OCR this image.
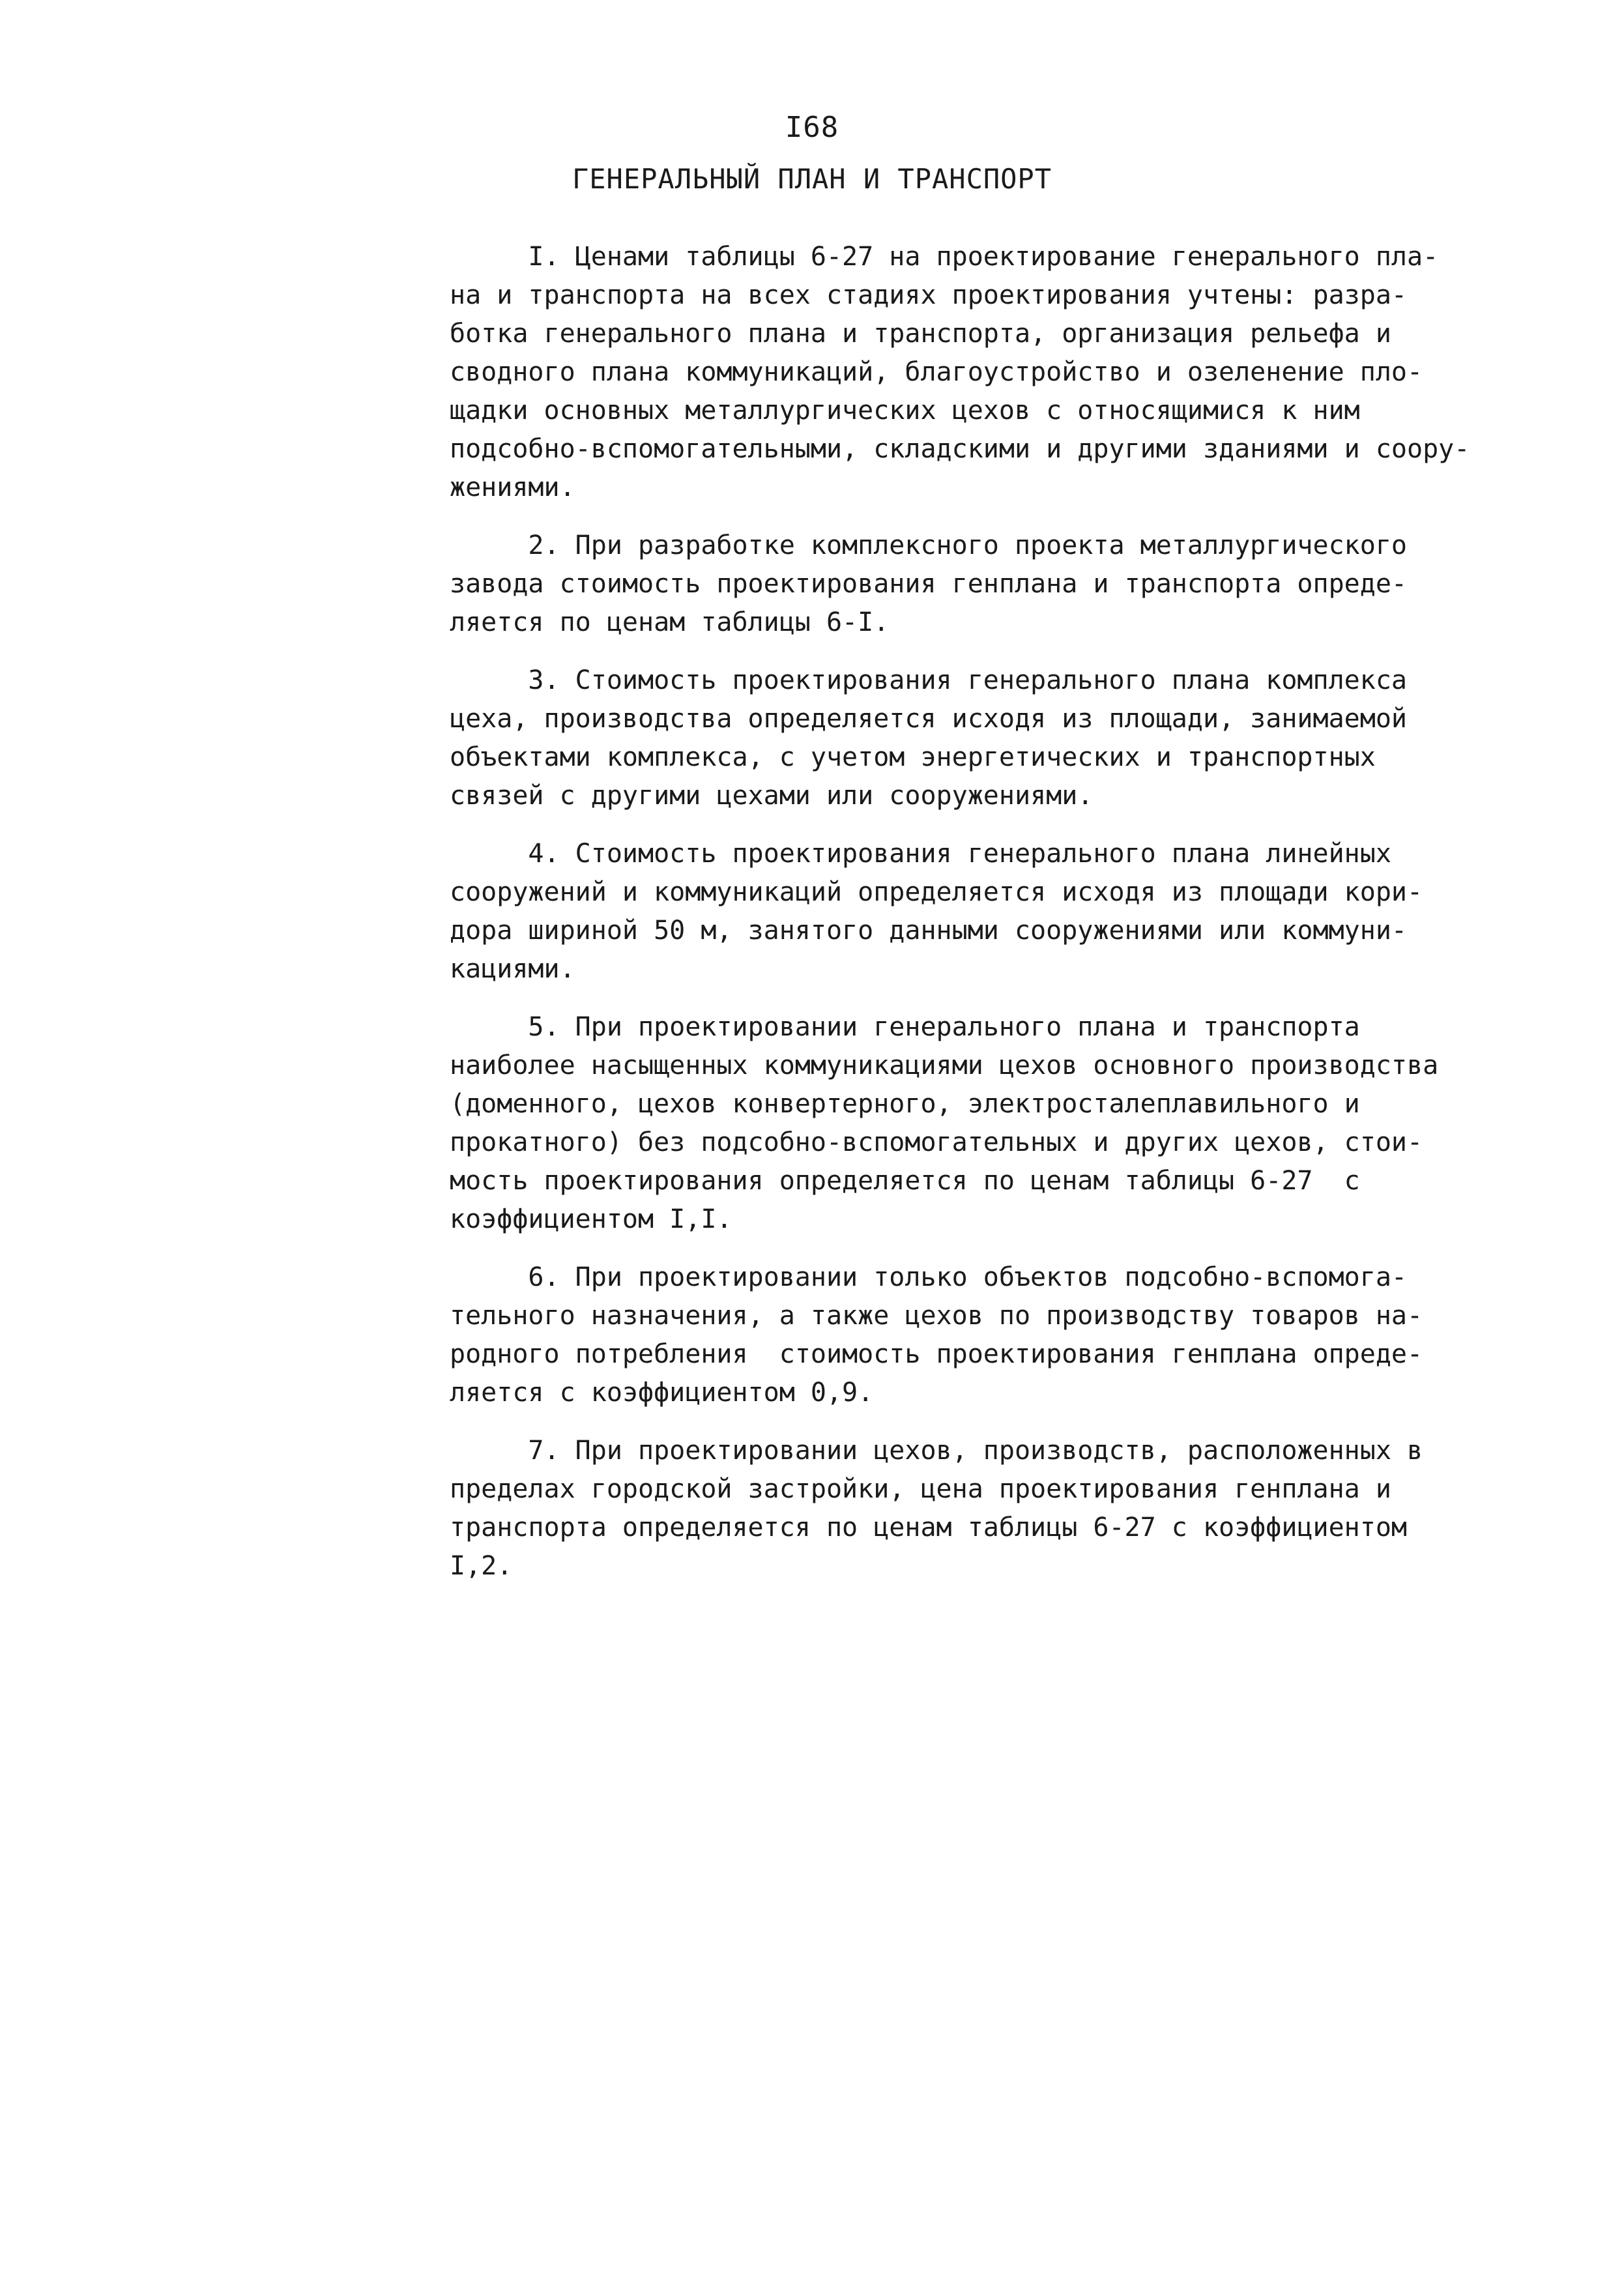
I68
ГЕНЕРАЛЬНЫЙ ПЛАН И ТРАНСПОРТ

I. Ценами таблицы 6-27 на проектирование генерального пла-
на и транспорта на всех стадиях проектирования учтены: разра-
ботка генерального плана и транспорта, организация рельефа и
сводного плана коммуникаций, благоустройство и озеленение пло-
щадки основных металлургических цехов с относящимися к ним
подсобно-вспомогательными, складскими и другими зданиями и соору-
жениями.

2. При разработке комплексного проекта металлургического
завода стоимость проектирования генплана и транспорта опреде-
ляется по ценам таблицы 6-I.

3. Стоимость проектирования генерального плана комплекса
цеха, производства определяется исходя из площади, занимаемой
объектами комплекса, с учетом энергетических и транспортных
связей с другими цехами или сооружениями.

4. Стоимость проектирования генерального плана линейных
сооружений и коммуникаций определяется исходя из площади кори-
дора шириной 50 м, занятого данными сооружениями или коммуни-
кациями.

5. При проектировании генерального плана и транспорта
наиболее насыщенных коммуникациями цехов основного производства
(доменного, цехов конвертерного, электросталеплавильного и
прокатного) без подсобно-вспомогательных и других цехов, стои-
мость проектирования определяется по ценам таблицы 6-27  с
коэффициентом I,I.

6. При проектировании только объектов подсобно-вспомога-
тельного назначения, а также цехов по производству товаров на-
родного потребления  стоимость проектирования генплана опреде-
ляется с коэффициентом 0,9.

7. При проектировании цехов, производств, расположенных в
пределах городской застройки, цена проектирования генплана и
транспорта определяется по ценам таблицы 6-27 с коэффициентом
I,2.
